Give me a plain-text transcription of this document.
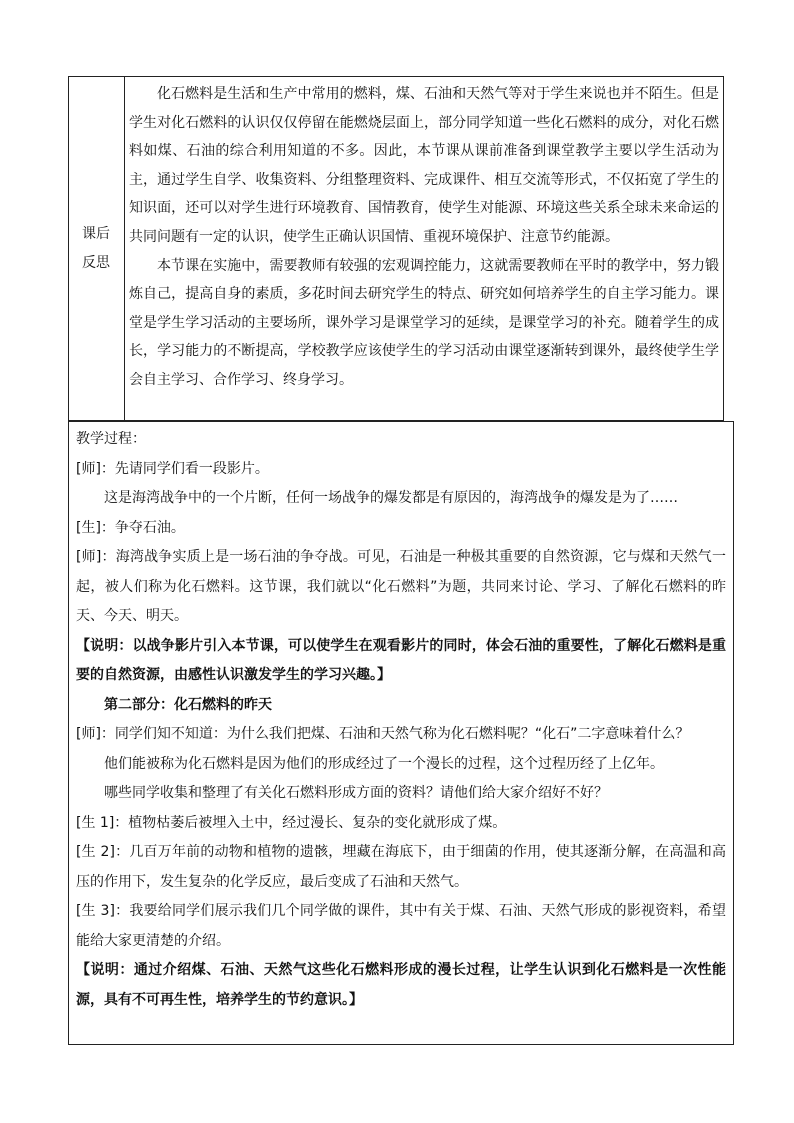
课后
反思

化石燃料是生活和生产中常用的燃料，煤、石油和天然气等对于学生来说也并不陌生。但是学生对化石燃料的认识仅仅停留在能燃烧层面上，部分同学知道一些化石燃料的成分，对化石燃料如煤、石油的综合利用知道的不多。因此，本节课从课前准备到课堂教学主要以学生活动为主，通过学生自学、收集资料、分组整理资料、完成课件、相互交流等形式，不仅拓宽了学生的知识面，还可以对学生进行环境教育、国情教育，使学生对能源、环境这些关系全球未来命运的共同问题有一定的认识，使学生正确认识国情、重视环境保护、注意节约能源。

本节课在实施中，需要教师有较强的宏观调控能力，这就需要教师在平时的教学中，努力锻炼自己，提高自身的素质，多花时间去研究学生的特点、研究如何培养学生的自主学习能力。课堂是学生学习活动的主要场所，课外学习是课堂学习的延续，是课堂学习的补充。随着学生的成长，学习能力的不断提高，学校教学应该使学生的学习活动由课堂逐渐转到课外，最终使学生学会自主学习、合作学习、终身学习。

教学过程：

[师]：先请同学们看一段影片。

这是海湾战争中的一个片断，任何一场战争的爆发都是有原因的，海湾战争的爆发是为了……

[生]：争夺石油。

[师]：海湾战争实质上是一场石油的争夺战。可见，石油是一种极其重要的自然资源，它与煤和天然气一起，被人们称为化石燃料。这节课，我们就以“化石燃料”为题，共同来讨论、学习、了解化石燃料的昨天、今天、明天。

【说明：以战争影片引入本节课，可以使学生在观看影片的同时，体会石油的重要性，了解化石燃料是重要的自然资源，由感性认识激发学生的学习兴趣。】

第二部分：化石燃料的昨天

[师]：同学们知不知道：为什么我们把煤、石油和天然气称为化石燃料呢？“化石”二字意味着什么？

他们能被称为化石燃料是因为他们的形成经过了一个漫长的过程，这个过程历经了上亿年。

哪些同学收集和整理了有关化石燃料形成方面的资料？请他们给大家介绍好不好？

[生 1]：植物枯萎后被埋入土中，经过漫长、复杂的变化就形成了煤。

[生 2]：几百万年前的动物和植物的遗骸，埋藏在海底下，由于细菌的作用，使其逐渐分解，在高温和高压的作用下，发生复杂的化学反应，最后变成了石油和天然气。

[生 3]：我要给同学们展示我们几个同学做的课件，其中有关于煤、石油、天然气形成的影视资料，希望能给大家更清楚的介绍。

【说明：通过介绍煤、石油、天然气这些化石燃料形成的漫长过程，让学生认识到化石燃料是一次性能源，具有不可再生性，培养学生的节约意识。】
